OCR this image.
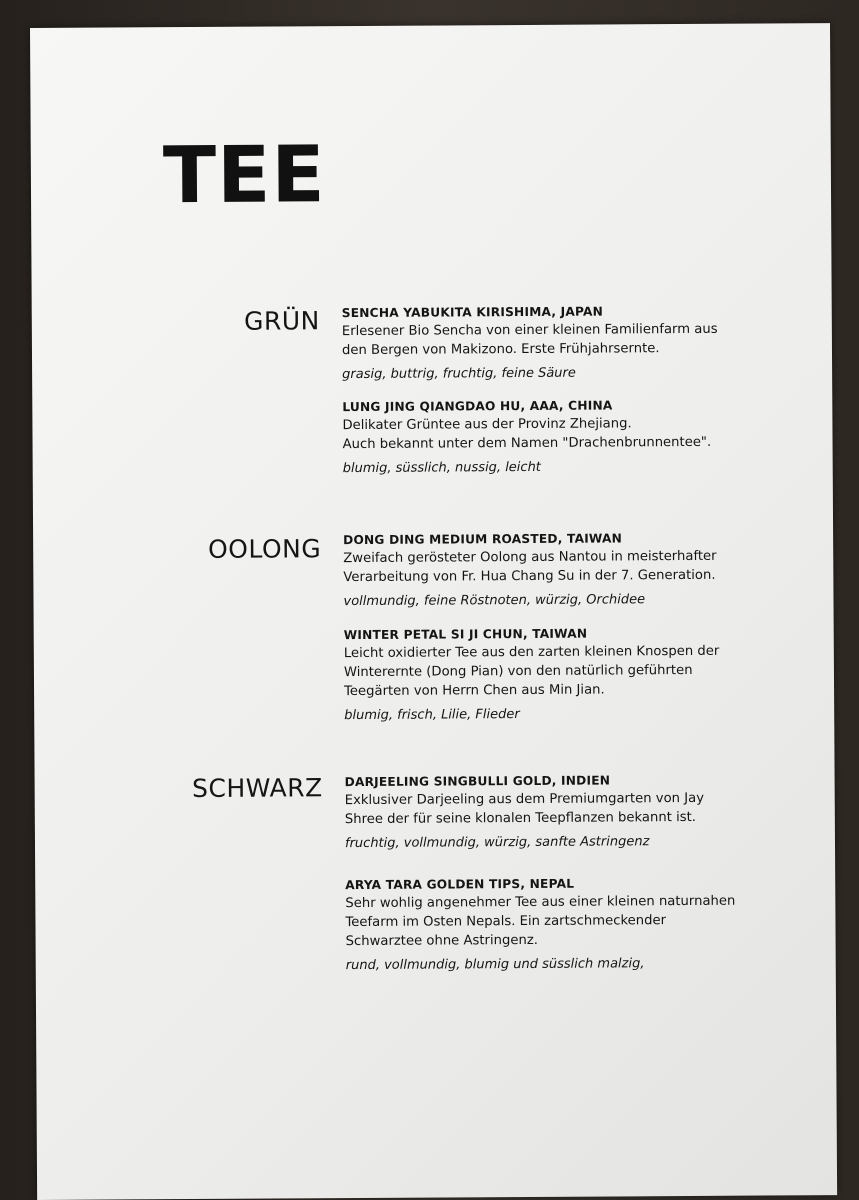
TEE
GRÜN SENCHA YABUKITA KIRISHIMA, JAPAN
Erlesener Bio Sencha von einer kleinen Familienfarm aus
den Bergen von Makizono. Erste Frühjahrsernte.
grasig, buttrig, fruchtig, feine Säure
LUNG JING QIANGDAO HU, AAA, CHINA
Delikater Grüntee aus der Provinz Zhejiang.
Auch bekannt unter dem Namen "Drachenbrunnentee".
blumig, süsslich, nussig, leicht
OOLONG DONG DING MEDIUM ROASTED, TAIWAN
Zweifach gerösteter Oolong aus Nantou in meisterhafter
Verarbeitung von Fr. Hua Chang Su in der 7. Generation.
vollmundig, feine Röstnoten, würzig, Orchidee
WINTER PETAL SI JI CHUN, TAIWAN
Leicht oxidierter Tee aus den zarten kleinen Knospen der
Winterernte (Dong Pian) von den natürlich geführten
Teegärten von Herrn Chen aus Min Jian.
blumig, frisch, Lilie, Flieder
SCHWARZ DARJEELING SINGBULLI GOLD, INDIEN
Exklusiver Darjeeling aus dem Premiumgarten von Jay
Shree der für seine klonalen Teepflanzen bekannt ist.
fruchtig, vollmundig, würzig, sanfte Astringenz
ARYA TARA GOLDEN TIPS, NEPAL
Sehr wohlig angenehmer Tee aus einer kleinen naturnahen
Teefarm im Osten Nepals. Ein zartschmeckender
Schwarztee ohne Astringenz.
rund, vollmundig, blumig und süsslich malzig,
